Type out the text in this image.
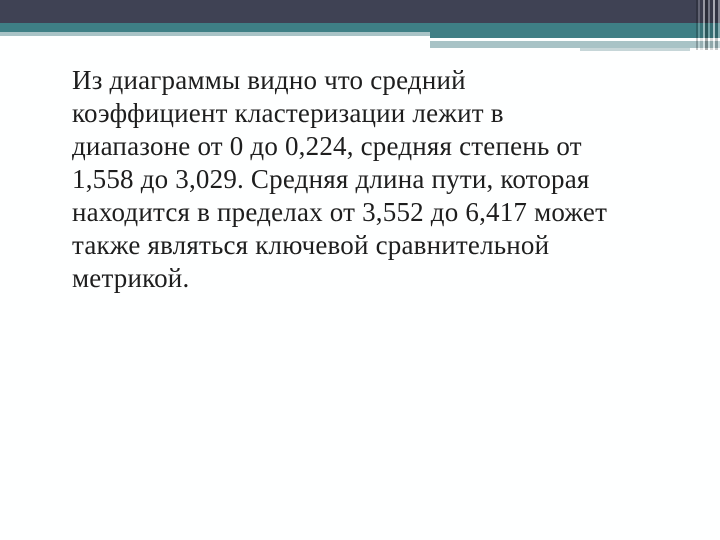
Из диаграммы видно что средний
коэффициент кластеризации лежит в
диапазоне от 0 до 0,224, средняя степень от
1,558 до 3,029. Средняя длина пути, которая
находится в пределах от 3,552 до 6,417 может
также являться ключевой сравнительной
метрикой.
